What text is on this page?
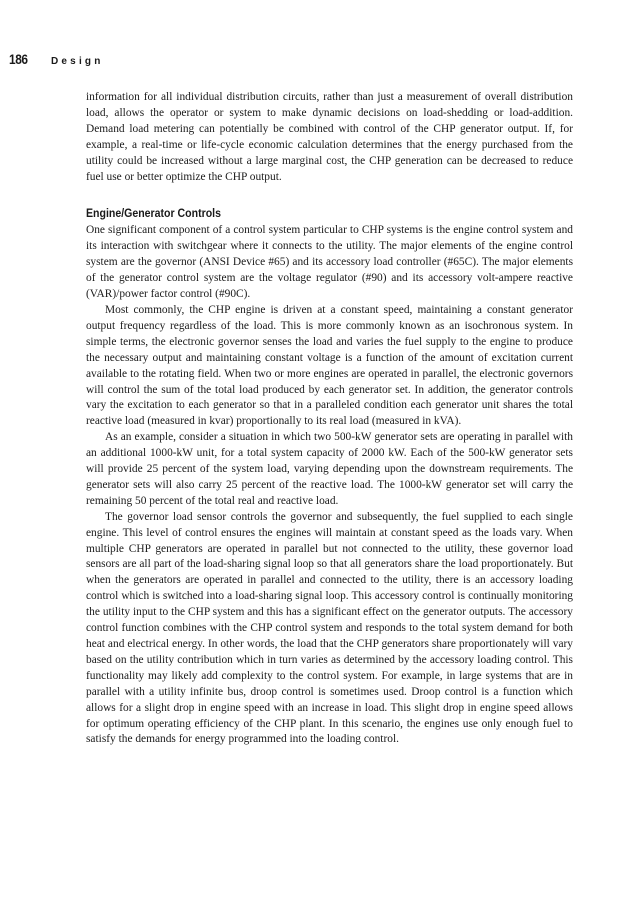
186	Design

information for all individual distribution circuits, rather than just a measurement of overall distribution load, allows the operator or system to make dynamic decisions on load-shedding or load-addition. Demand load metering can potentially be combined with control of the CHP generator output. If, for example, a real-time or life-cycle economic calculation determines that the energy purchased from the utility could be increased without a large marginal cost, the CHP generation can be decreased to reduce fuel use or better optimize the CHP output.

Engine/Generator Controls

One significant component of a control system particular to CHP systems is the engine control system and its interaction with switchgear where it connects to the utility. The major elements of the engine control system are the governor (ANSI Device #65) and its accessory load controller (#65C). The major elements of the generator control system are the voltage regulator (#90) and its accessory volt-ampere reactive (VAR)/power factor control (#90C).

Most commonly, the CHP engine is driven at a constant speed, maintaining a constant generator output frequency regardless of the load. This is more commonly known as an isochronous system. In simple terms, the electronic governor senses the load and varies the fuel supply to the engine to produce the necessary output and maintaining constant voltage is a function of the amount of excitation current available to the rotating field. When two or more engines are operated in parallel, the electronic governors will control the sum of the total load produced by each generator set. In addition, the generator controls vary the excitation to each generator so that in a paralleled condition each generator unit shares the total reactive load (measured in kvar) proportionally to its real load (measured in kVA).

As an example, consider a situation in which two 500-kW generator sets are operating in parallel with an additional 1000-kW unit, for a total system capacity of 2000 kW. Each of the 500-kW generator sets will provide 25 percent of the system load, varying depending upon the downstream requirements. The generator sets will also carry 25 percent of the reactive load. The 1000-kW generator set will carry the remaining 50 percent of the total real and reactive load.

The governor load sensor controls the governor and subsequently, the fuel supplied to each single engine. This level of control ensures the engines will maintain at constant speed as the loads vary. When multiple CHP generators are operated in parallel but not connected to the utility, these governor load sensors are all part of the load-sharing signal loop so that all generators share the load proportionately. But when the generators are operated in parallel and connected to the utility, there is an accessory loading control which is switched into a load-sharing signal loop. This accessory control is continually monitoring the utility input to the CHP system and this has a significant effect on the generator outputs. The accessory control function combines with the CHP control system and responds to the total system demand for both heat and electrical energy. In other words, the load that the CHP generators share proportionately will vary based on the utility contribution which in turn varies as determined by the accessory loading control. This functionality may likely add complexity to the control system. For example, in large systems that are in parallel with a utility infinite bus, droop control is sometimes used. Droop control is a function which allows for a slight drop in engine speed with an increase in load. This slight drop in engine speed allows for optimum operating efficiency of the CHP plant. In this scenario, the engines use only enough fuel to satisfy the demands for energy programmed into the loading control.
